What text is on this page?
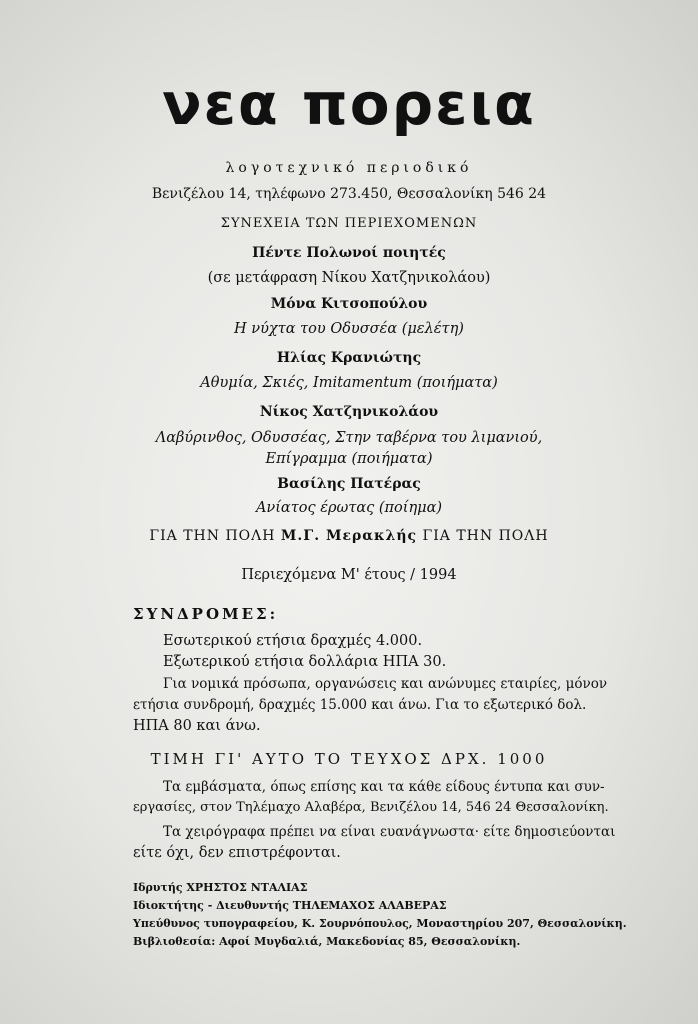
νεα πορεια
λογοτεχνικό περιοδικό
Βενιζέλου 14, τηλέφωνο 273.450, Θεσσαλονίκη 546 24
ΣΥΝΕΧΕΙΑ ΤΩΝ ΠΕΡΙΕΧΟΜΕΝΩΝ
Πέντε Πολωνοί ποιητές
(σε μετάφραση Νίκου Χατζηνικολάου)
Μόνα Κιτσοπούλου
Η νύχτα του Οδυσσέα (μελέτη)
Ηλίας Κρανιώτης
Αθυμία, Σκιές, Imitamentum (ποιήματα)
Νίκος Χατζηνικολάου
Λαβύρινθος, Οδυσσέας, Στην ταβέρνα του λιμανιού,
Επίγραμμα (ποιήματα)
Βασίλης Πατέρας
Ανίατος έρωτας (ποίημα)
ΓΙΑ ΤΗΝ ΠΟΛΗ Μ.Γ. Μερακλής ΓΙΑ ΤΗΝ ΠΟΛΗ
Περιεχόμενα Μ' έτους / 1994
ΣΥΝΔΡΟΜΕΣ:
Εσωτερικού ετήσια δραχμές 4.000.
Εξωτερικού ετήσια δολλάρια ΗΠΑ 30.
Για νομικά πρόσωπα, οργανώσεις και ανώνυμες εταιρίες, μόνον
ετήσια συνδρομή, δραχμές 15.000 και άνω. Για το εξωτερικό δολ.
ΗΠΑ 80 και άνω.
ΤΙΜΗ ΓΙ' ΑΥΤΟ ΤΟ ΤΕΥΧΟΣ ΔΡΧ. 1000
Τα εμβάσματα, όπως επίσης και τα κάθε είδους έντυπα και συν-
εργασίες, στον Τηλέμαχο Αλαβέρα, Βενιζέλου 14, 546 24 Θεσσαλονίκη.
Τα χειρόγραφα πρέπει να είναι ευανάγνωστα· είτε δημοσιεύονται
είτε όχι, δεν επιστρέφονται.
Ιδρυτής ΧΡΗΣΤΟΣ ΝΤΑΛΙΑΣ
Ιδιοκτήτης - Διευθυντής ΤΗΛΕΜΑΧΟΣ ΑΛΑΒΕΡΑΣ
Υπεύθυνος τυπογραφείου, Κ. Σουρνόπουλος, Μοναστηρίου 207, Θεσσαλονίκη.
Βιβλιοθεσία: Αφοί Μυγδαλιά, Μακεδονίας 85, Θεσσαλονίκη.
